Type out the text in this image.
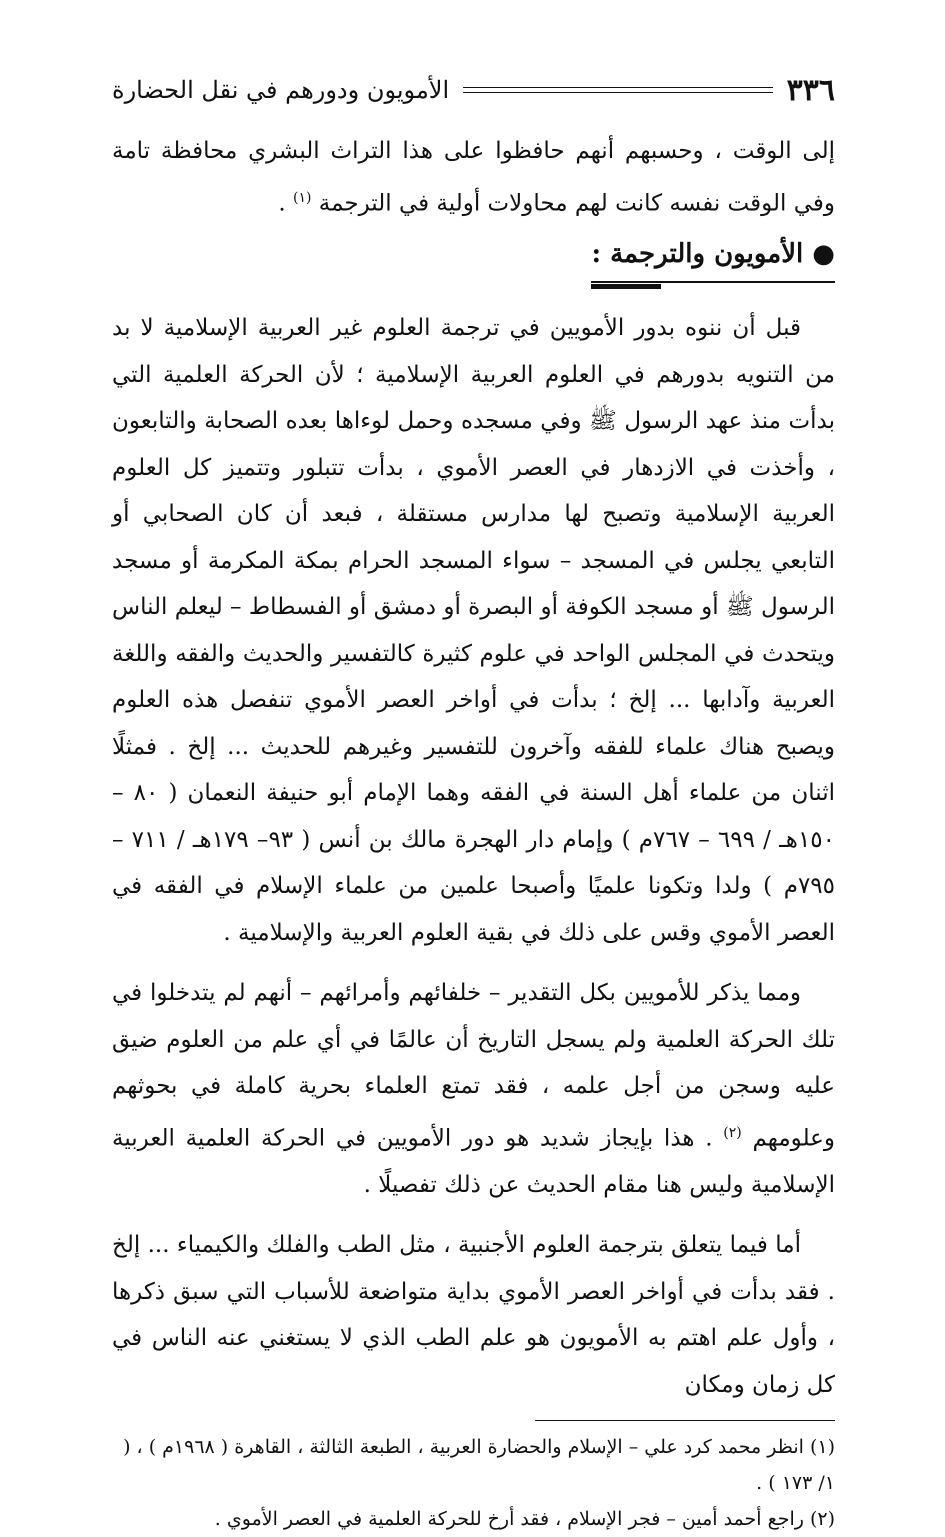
٣٣٦
الأمويون ودورهم في نقل الحضارة

إلى الوقت ، وحسبهم أنهم حافظوا على هذا التراث البشري محافظة تامة وفي الوقت نفسه كانت لهم محاولات أولية في الترجمة $^{(١)}$ .

● الأمويون والترجمة :

قبل أن ننوه بدور الأمويين في ترجمة العلوم غير العربية الإسلامية لا بد من التنويه بدورهم في العلوم العربية الإسلامية ؛ لأن الحركة العلمية التي بدأت منذ عهد الرسول ﷺ وفي مسجده وحمل لوءاها بعده الصحابة والتابعون ، وأخذت في الازدهار في العصر الأموي ، بدأت تتبلور وتتميز كل العلوم العربية الإسلامية وتصبح لها مدارس مستقلة ، فبعد أن كان الصحابي أو التابعي يجلس في المسجد – سواء المسجد الحرام بمكة المكرمة أو مسجد الرسول ﷺ أو مسجد الكوفة أو البصرة أو دمشق أو الفسطاط – ليعلم الناس ويتحدث في المجلس الواحد في علوم كثيرة كالتفسير والحديث والفقه واللغة العربية وآدابها ... إلخ ؛ بدأت في أواخر العصر الأموي تنفصل هذه العلوم ويصبح هناك علماء للفقه وآخرون للتفسير وغيرهم للحديث ... إلخ . فمثلًا اثنان من علماء أهل السنة في الفقه وهما الإمام أبو حنيفة النعمان ( ٨٠ – ١٥٠هـ / ٦٩٩ – ٧٦٧م ) وإمام دار الهجرة مالك بن أنس ( ٩٣– ١٧٩هـ / ٧١١ – ٧٩٥م ) ولدا وتكونا علميًا وأصبحا علمين من علماء الإسلام في الفقه في العصر الأموي وقس على ذلك في بقية العلوم العربية والإسلامية .

ومما يذكر للأمويين بكل التقدير – خلفائهم وأمرائهم – أنهم لم يتدخلوا في تلك الحركة العلمية ولم يسجل التاريخ أن عالمًا في أي علم من العلوم ضيق عليه وسجن من أجل علمه ، فقد تمتع العلماء بحرية كاملة في بحوثهم وعلومهم $^{(٢)}$ . هذا بإيجاز شديد هو دور الأمويين في الحركة العلمية العربية الإسلامية وليس هنا مقام الحديث عن ذلك تفصيلًا .

أما فيما يتعلق بترجمة العلوم الأجنبية ، مثل الطب والفلك والكيمياء ... إلخ . فقد بدأت في أواخر العصر الأموي بداية متواضعة للأسباب التي سبق ذكرها ، وأول علم اهتم به الأمويون هو علم الطب الذي لا يستغني عنه الناس في كل زمان ومكان

(١) انظر محمد كرد علي – الإسلام والحضارة العربية ، الطبعة الثالثة ، القاهرة ( ١٩٦٨م ) ، ( ١/ ١٧٣ ) .

(٢) راجع أحمد أمين – فجر الإسلام ، فقد أرخ للحركة العلمية في العصر الأموي .
